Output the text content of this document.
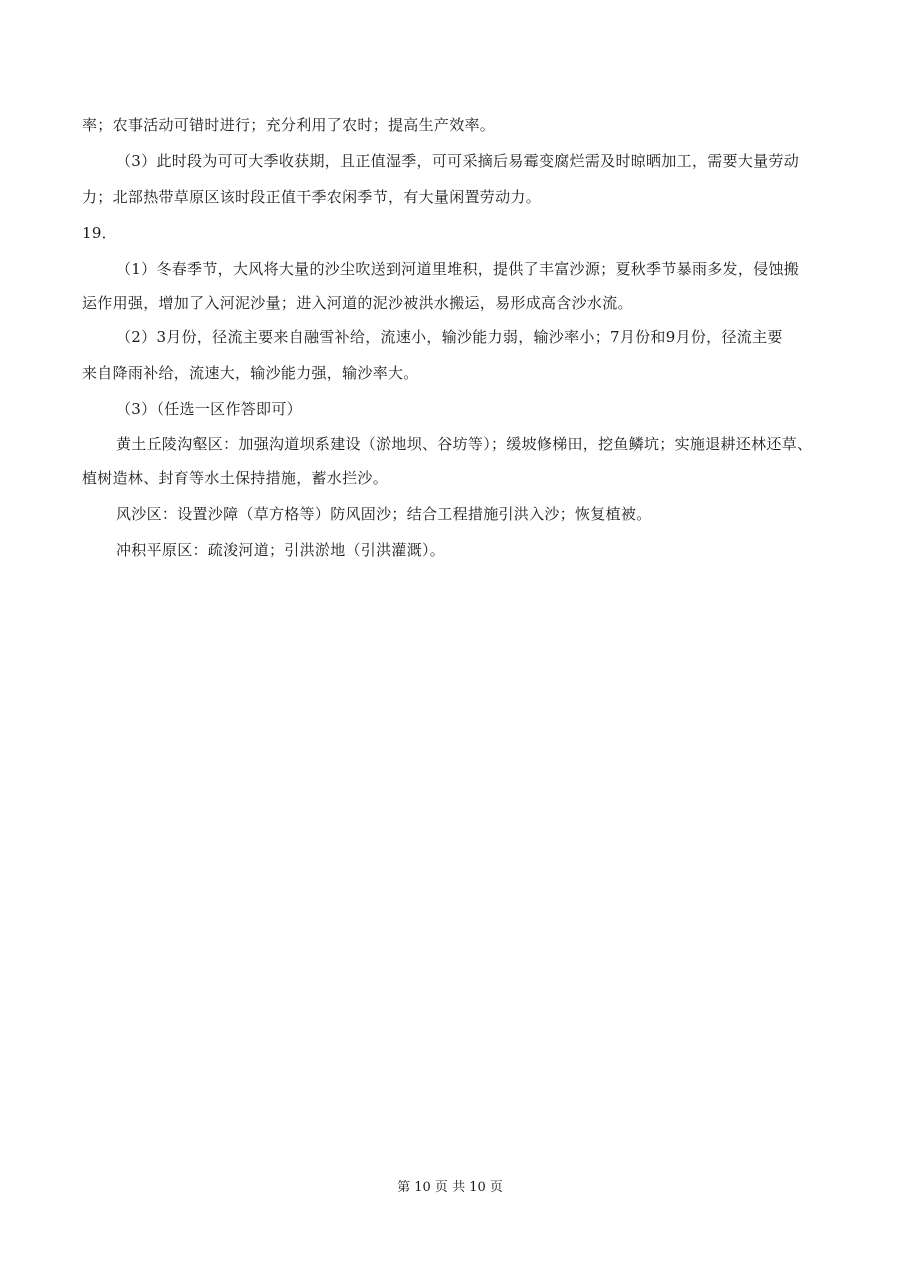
率；农事活动可错时进行；充分利用了农时；提高生产效率。
（3）此时段为可可大季收获期，且正值湿季，可可采摘后易霉变腐烂需及时晾晒加工，需要大量劳动
力；北部热带草原区该时段正值干季农闲季节，有大量闲置劳动力。
19．
（1）冬春季节，大风将大量的沙尘吹送到河道里堆积，提供了丰富沙源；夏秋季节暴雨多发，侵蚀搬
运作用强，增加了入河泥沙量；进入河道的泥沙被洪水搬运，易形成高含沙水流。
（2）3月份，径流主要来自融雪补给，流速小，输沙能力弱，输沙率小；7月份和9月份，径流主要
来自降雨补给，流速大，输沙能力强，输沙率大。
（3）（任选一区作答即可）
黄土丘陵沟壑区：加强沟道坝系建设（淤地坝、谷坊等）；缓坡修梯田，挖鱼鳞坑；实施退耕还林还草、
植树造林、封育等水土保持措施，蓄水拦沙。
风沙区：设置沙障（草方格等）防风固沙；结合工程措施引洪入沙；恢复植被。
冲积平原区：疏浚河道；引洪淤地（引洪灌溉）。
第 10 页 共 10 页
